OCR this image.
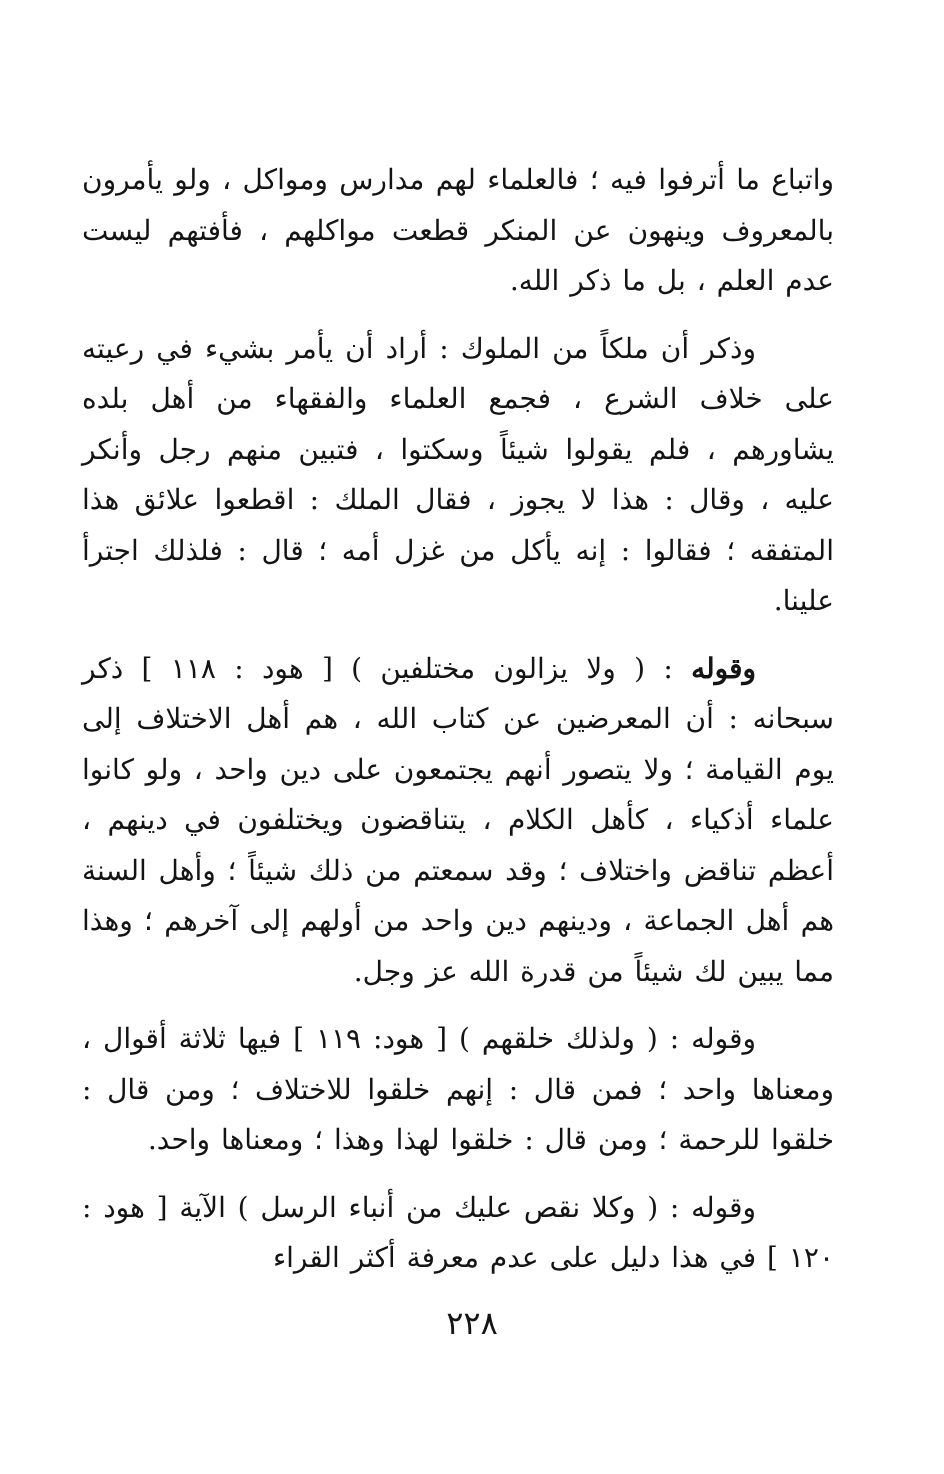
واتباع ما أترفوا فيه ؛ فالعلماء لهم مدارس ومواكل ، ولو يأمرون بالمعروف وينهون عن المنكر قطعت مواكلهم ، فأفتهم ليست عدم العلم ، بل ما ذكر الله.

وذكر أن ملكاً من الملوك : أراد أن يأمر بشيء في رعيته على خلاف الشرع ، فجمع العلماء والفقهاء من أهل بلده يشاورهم ، فلم يقولوا شيئاً وسكتوا ، فتبين منهم رجل وأنكر عليه ، وقال : هذا لا يجوز ، فقال الملك : اقطعوا علائق هذا المتفقه ؛ فقالوا : إنه يأكل من غزل أمه ؛ قال : فلذلك اجترأ علينا.

وقوله : ( ولا يزالون مختلفين ) [ هود : ١١٨ ] ذكر سبحانه : أن المعرضين عن كتاب الله ، هم أهل الاختلاف إلى يوم القيامة ؛ ولا يتصور أنهم يجتمعون على دين واحد ، ولو كانوا علماء أذكياء ، كأهل الكلام ، يتناقضون ويختلفون في دينهم ، أعظم تناقض واختلاف ؛ وقد سمعتم من ذلك شيئاً ؛ وأهل السنة هم أهل الجماعة ، ودينهم دين واحد من أولهم إلى آخرهم ؛ وهذا مما يبين لك شيئاً من قدرة الله عز وجل.

وقوله : ( ولذلك خلقهم ) [ هود: ١١٩ ] فيها ثلاثة أقوال ، ومعناها واحد ؛ فمن قال : إنهم خلقوا للاختلاف ؛ ومن قال : خلقوا للرحمة ؛ ومن قال : خلقوا لهذا وهذا ؛ ومعناها واحد.

وقوله : ( وكلا نقص عليك من أنباء الرسل ) الآية [ هود : ١٢٠ ] في هذا دليل على عدم معرفة أكثر القراء

٢٢٨
